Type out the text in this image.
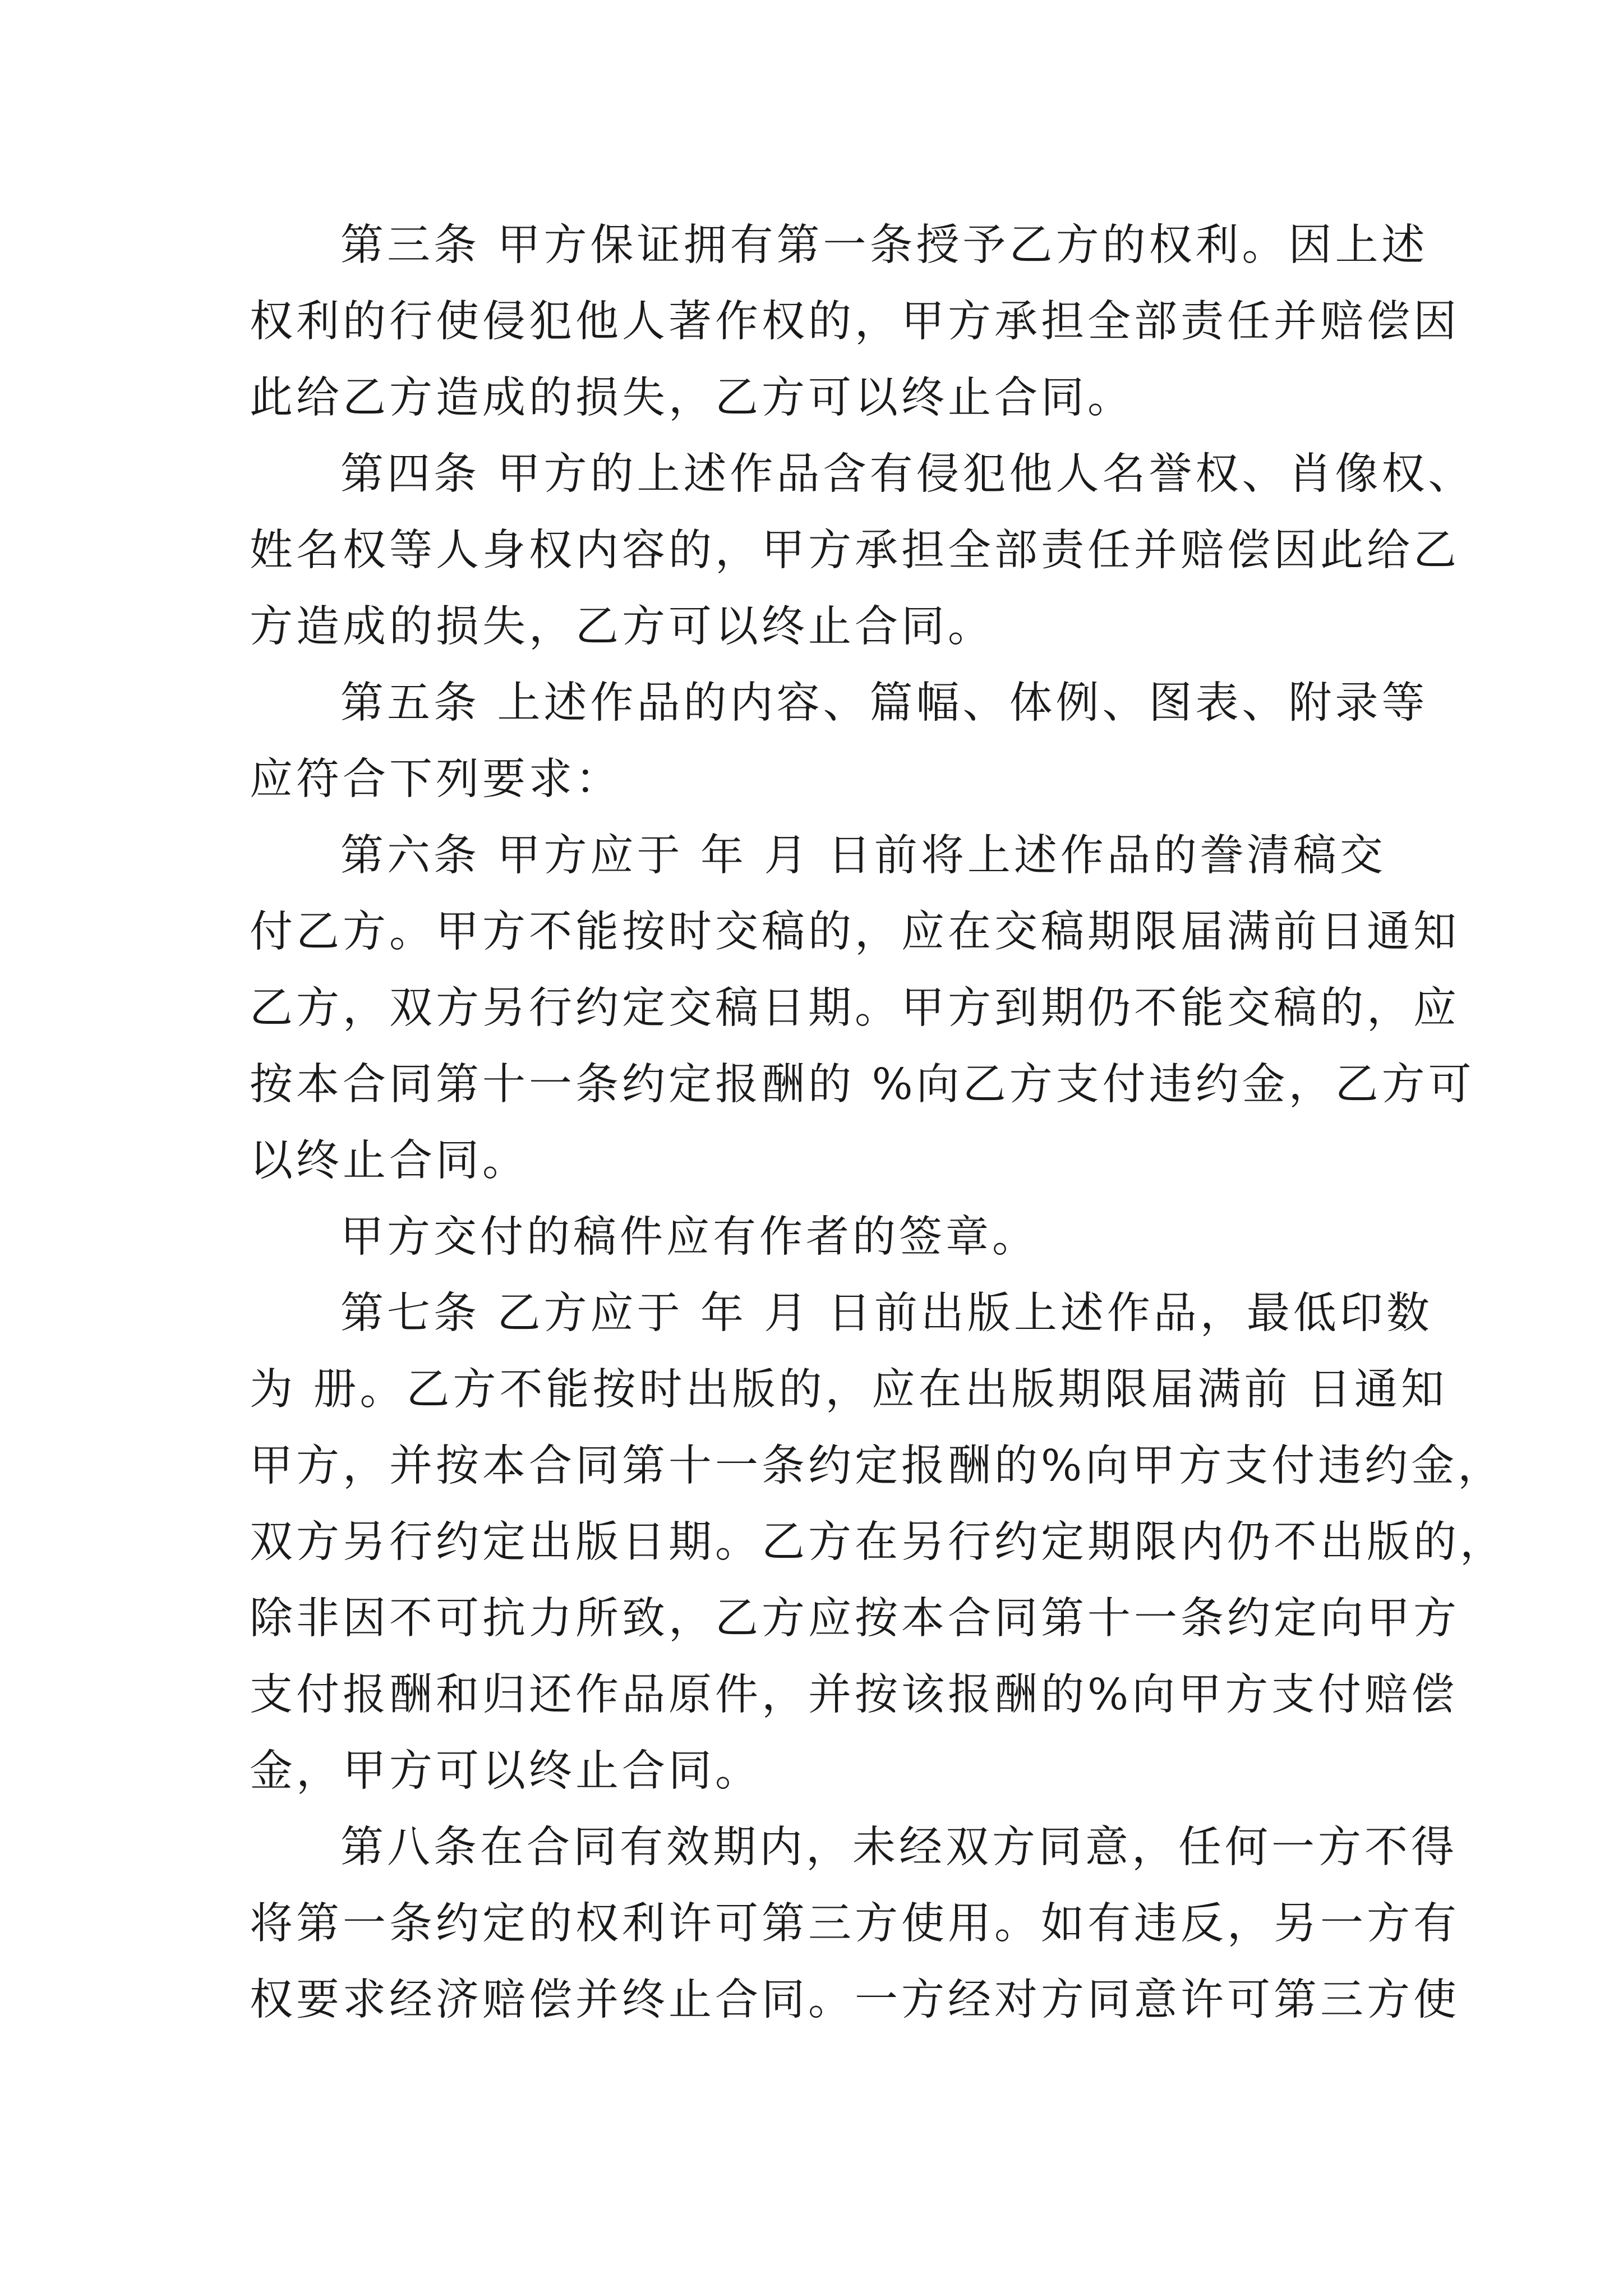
第三条 甲方保证拥有第一条授予乙方的权利。因上述
权利的行使侵犯他人著作权的，甲方承担全部责任并赔偿因
此给乙方造成的损失，乙方可以终止合同。
第四条 甲方的上述作品含有侵犯他人名誉权、肖像权、
姓名权等人身权内容的，甲方承担全部责任并赔偿因此给乙
方造成的损失，乙方可以终止合同。
第五条 上述作品的内容、篇幅、体例、图表、附录等
应符合下列要求：
第六条 甲方应于 年 月 日前将上述作品的誊清稿交
付乙方。甲方不能按时交稿的，应在交稿期限届满前日通知
乙方，双方另行约定交稿日期。甲方到期仍不能交稿的，应
按本合同第十一条约定报酬的 %向乙方支付违约金，乙方可
以终止合同。
甲方交付的稿件应有作者的签章。
第七条 乙方应于 年 月 日前出版上述作品，最低印数
为 册。乙方不能按时出版的，应在出版期限届满前 日通知
甲方，并按本合同第十一条约定报酬的%向甲方支付违约金，
双方另行约定出版日期。乙方在另行约定期限内仍不出版的，
除非因不可抗力所致，乙方应按本合同第十一条约定向甲方
支付报酬和归还作品原件，并按该报酬的%向甲方支付赔偿
金，甲方可以终止合同。
第八条在合同有效期内，未经双方同意，任何一方不得
将第一条约定的权利许可第三方使用。如有违反，另一方有
权要求经济赔偿并终止合同。一方经对方同意许可第三方使
